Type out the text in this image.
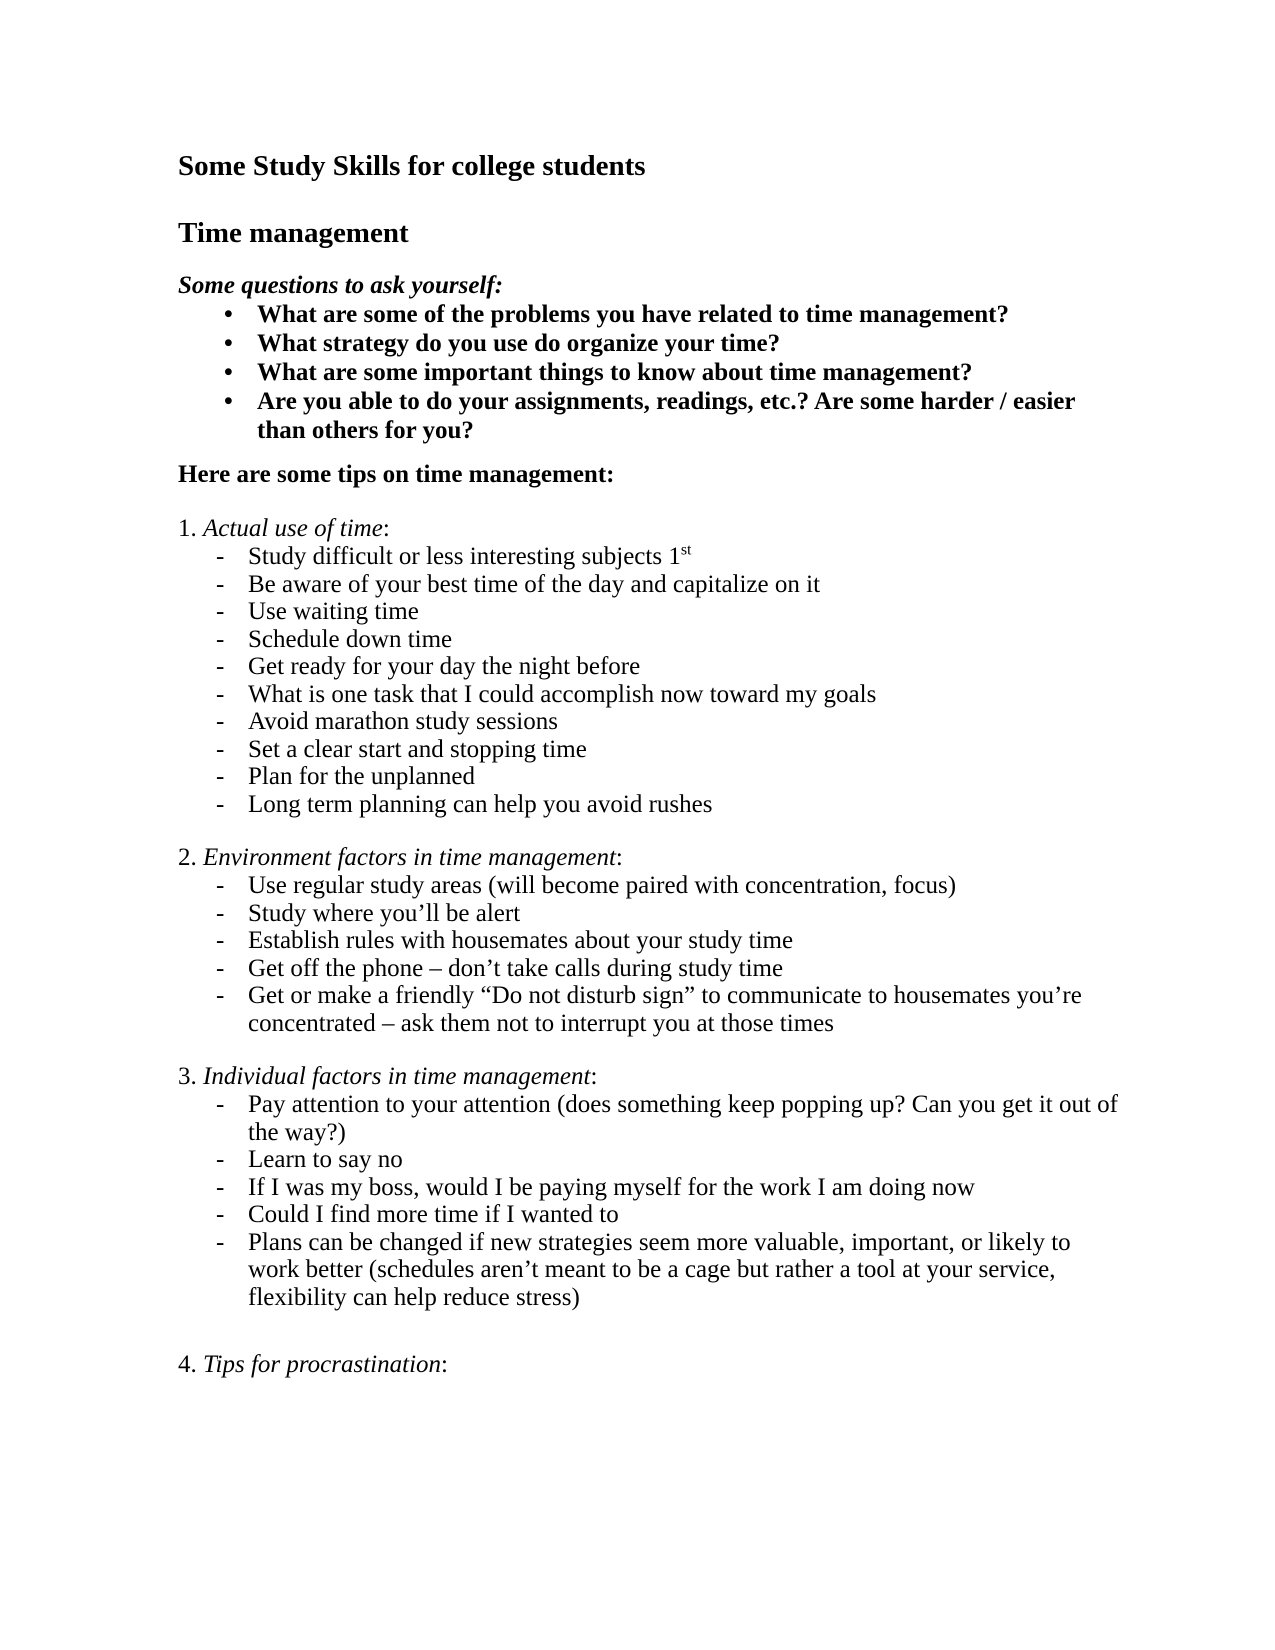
Some Study Skills for college students
Time management

Some questions to ask yourself:

• What are some of the problems you have related to time management?
• What strategy do you use do organize your time?
• What are some important things to know about time management?
• Are you able to do your assignments, readings, etc.? Are some harder / easier than others for you?

Here are some tips on time management:

1. Actual use of time:

- Study difficult or less interesting subjects 1st
- Be aware of your best time of the day and capitalize on it
- Use waiting time
- Schedule down time
- Get ready for your day the night before
- What is one task that I could accomplish now toward my goals
- Avoid marathon study sessions
- Set a clear start and stopping time
- Plan for the unplanned
- Long term planning can help you avoid rushes

2. Environment factors in time management:

- Use regular study areas (will become paired with concentration, focus)
- Study where you’ll be alert
- Establish rules with housemates about your study time
- Get off the phone – don’t take calls during study time
- Get or make a friendly “Do not disturb sign” to communicate to housemates you’re concentrated – ask them not to interrupt you at those times

3. Individual factors in time management:

- Pay attention to your attention (does something keep popping up? Can you get it out of the way?)
- Learn to say no
- If I was my boss, would I be paying myself for the work I am doing now
- Could I find more time if I wanted to
- Plans can be changed if new strategies seem more valuable, important, or likely to work better (schedules aren’t meant to be a cage but rather a tool at your service, flexibility can help reduce stress)

4. Tips for procrastination:
